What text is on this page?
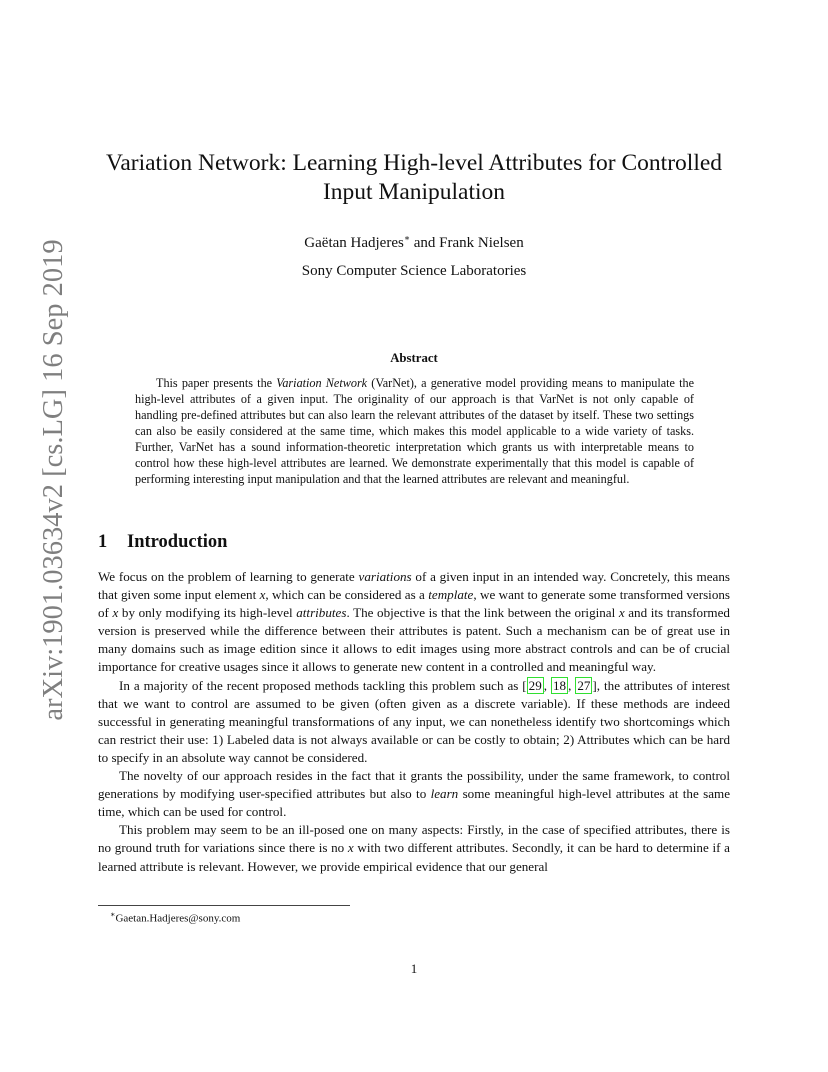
arXiv:1901.03634v2 [cs.LG] 16 Sep 2019
Variation Network: Learning High-level Attributes for Controlled
Input Manipulation
Gaëtan Hadjeres∗ and Frank Nielsen
Sony Computer Science Laboratories
Abstract
This paper presents the Variation Network (VarNet), a generative model providing means to manipulate the high-level attributes of a given input. The originality of our approach is that VarNet is not only capable of handling pre-defined attributes but can also learn the relevant attributes of the dataset by itself. These two settings can also be easily considered at the same time, which makes this model applicable to a wide variety of tasks. Further, VarNet has a sound information-theoretic interpretation which grants us with interpretable means to control how these high-level attributes are learned. We demonstrate experimentally that this model is capable of performing interesting input manipulation and that the learned attributes are relevant and meaningful.
1 Introduction

We focus on the problem of learning to generate variations of a given input in an intended way. Concretely, this means that given some input element x, which can be considered as a template, we want to generate some transformed versions of x by only modifying its high-level attributes. The objective is that the link between the original x and its transformed version is preserved while the difference between their attributes is patent. Such a mechanism can be of great use in many domains such as image edition since it allows to edit images using more abstract controls and can be of crucial importance for creative usages since it allows to generate new content in a controlled and meaningful way.

In a majority of the recent proposed methods tackling this problem such as [ 29 , 18 , 27 ], the attributes of interest that we want to control are assumed to be given (often given as a discrete variable). If these methods are indeed successful in generating meaningful transformations of any input, we can nonetheless identify two shortcomings which can restrict their use: 1) Labeled data is not always available or can be costly to obtain; 2) Attributes which can be hard to specify in an absolute way cannot be considered.

The novelty of our approach resides in the fact that it grants the possibility, under the same framework, to control generations by modifying user-specified attributes but also to learn some meaningful high-level attributes at the same time, which can be used for control.

This problem may seem to be an ill-posed one on many aspects: Firstly, in the case of specified attributes, there is no ground truth for variations since there is no x with two different attributes. Secondly, it can be hard to determine if a learned attribute is relevant. However, we provide empirical evidence that our general

∗Gaetan.Hadjeres@sony.com
1
